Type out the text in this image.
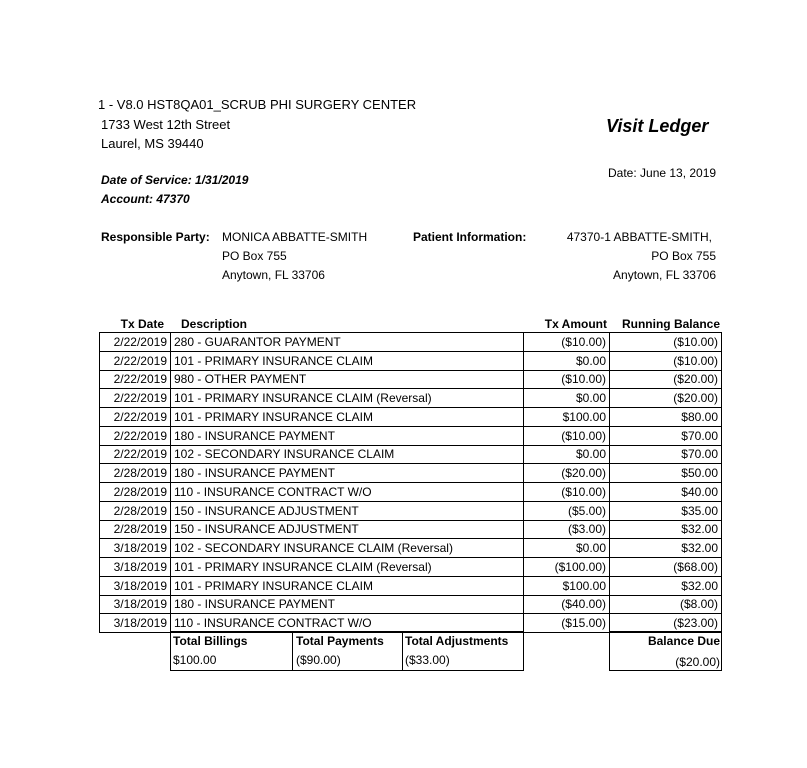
1 - V8.0 HST8QA01_SCRUB PHI SURGERY CENTER
1733 West 12th Street
Laurel, MS 39440
Visit Ledger
Date: June 13, 2019
Date of Service: 1/31/2019
Account: 47370
Responsible Party: MONICA ABBATTE-SMITH
PO Box 755
Anytown, FL 33706
Patient Information:	47370-1 ABBATTE-SMITH,
PO Box 755
Anytown, FL 33706
Tx Date Description	Tx Amount Running Balance
2/22/2019 280 - GUARANTOR PAYMENT	($10.00)	($10.00)
2/22/2019 101 - PRIMARY INSURANCE CLAIM	$0.00	($10.00)
2/22/2019 980 - OTHER PAYMENT	($10.00)	($20.00)
2/22/2019 101 - PRIMARY INSURANCE CLAIM (Reversal)	$0.00	($20.00)
2/22/2019 101 - PRIMARY INSURANCE CLAIM	$100.00	$80.00
2/22/2019 180 - INSURANCE PAYMENT	($10.00)	$70.00
2/22/2019 102 - SECONDARY INSURANCE CLAIM	$0.00	$70.00
2/28/2019 180 - INSURANCE PAYMENT	($20.00)	$50.00
2/28/2019 110 - INSURANCE CONTRACT W/O	($10.00)	$40.00
2/28/2019 150 - INSURANCE ADJUSTMENT	($5.00)	$35.00
2/28/2019 150 - INSURANCE ADJUSTMENT	($3.00)	$32.00
3/18/2019 102 - SECONDARY INSURANCE CLAIM (Reversal)	$0.00	$32.00
3/18/2019 101 - PRIMARY INSURANCE CLAIM (Reversal)	($100.00)	($68.00)
3/18/2019 101 - PRIMARY INSURANCE CLAIM	$100.00	$32.00
3/18/2019 180 - INSURANCE PAYMENT	($40.00)	($8.00)
3/18/2019 110 - INSURANCE CONTRACT W/O	($15.00)	($23.00)
Total Billings
$100.00
Total Payments
($90.00)
Total Adjustments
($33.00)
Balance Due
($20.00)
